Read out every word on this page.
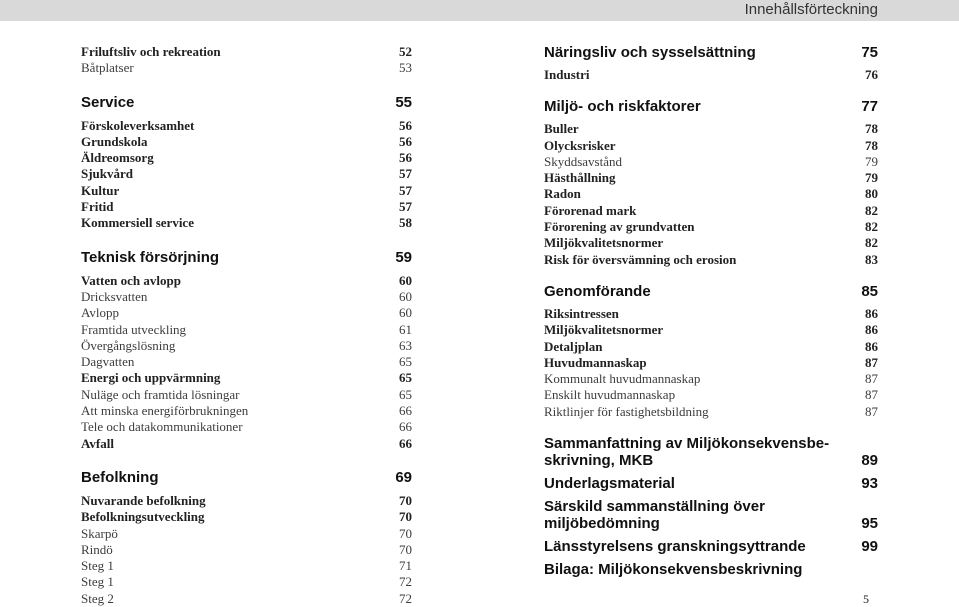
Innehållsförteckning
Friluftsliv och rekreation	52
Båtplatser	53
Service	55
Förskoleverksamhet	56
Grundskola	56
Äldreomsorg	56
Sjukvård	57
Kultur	57
Fritid	57
Kommersiell service	58
Teknisk försörjning	59
Vatten och avlopp	60
Dricksvatten	60
Avlopp	60
Framtida utveckling	61
Övergångslösning	63
Dagvatten	65
Energi och uppvärmning	65
Nuläge och framtida lösningar	65
Att minska energiförbrukningen	66
Tele och datakommunikationer	66
Avfall	66
Befolkning	69
Nuvarande befolkning	70
Befolkningsutveckling	70
Skarpö	70
Rindö	70
Steg 1	71
Steg 1	72
Steg 2	72
Näringsliv och sysselsättning	75
Industri	76
Miljö- och riskfaktorer	77
Buller	78
Olycksrisker	78
Skyddsavstånd	79
Hästhållning	79
Radon	80
Förorenad mark	82
Förorening av grundvatten	82
Miljökvalitetsnormer	82
Risk för översvämning och erosion	83
Genomförande	85
Riksintressen	86
Miljökvalitetsnormer	86
Detaljplan	86
Huvudmannaskap	87
Kommunalt huvudmannaskap	87
Enskilt huvudmannaskap	87
Riktlinjer för fastighetsbildning	87
Sammanfattning av Miljökonsekvensbe-skrivning, MKB	89
Underlagsmaterial	93
Särskild sammanställning över miljöbedömning	95
Länsstyrelsens granskningsyttrande	99
Bilaga: Miljökonsekvensbeskrivning
5
